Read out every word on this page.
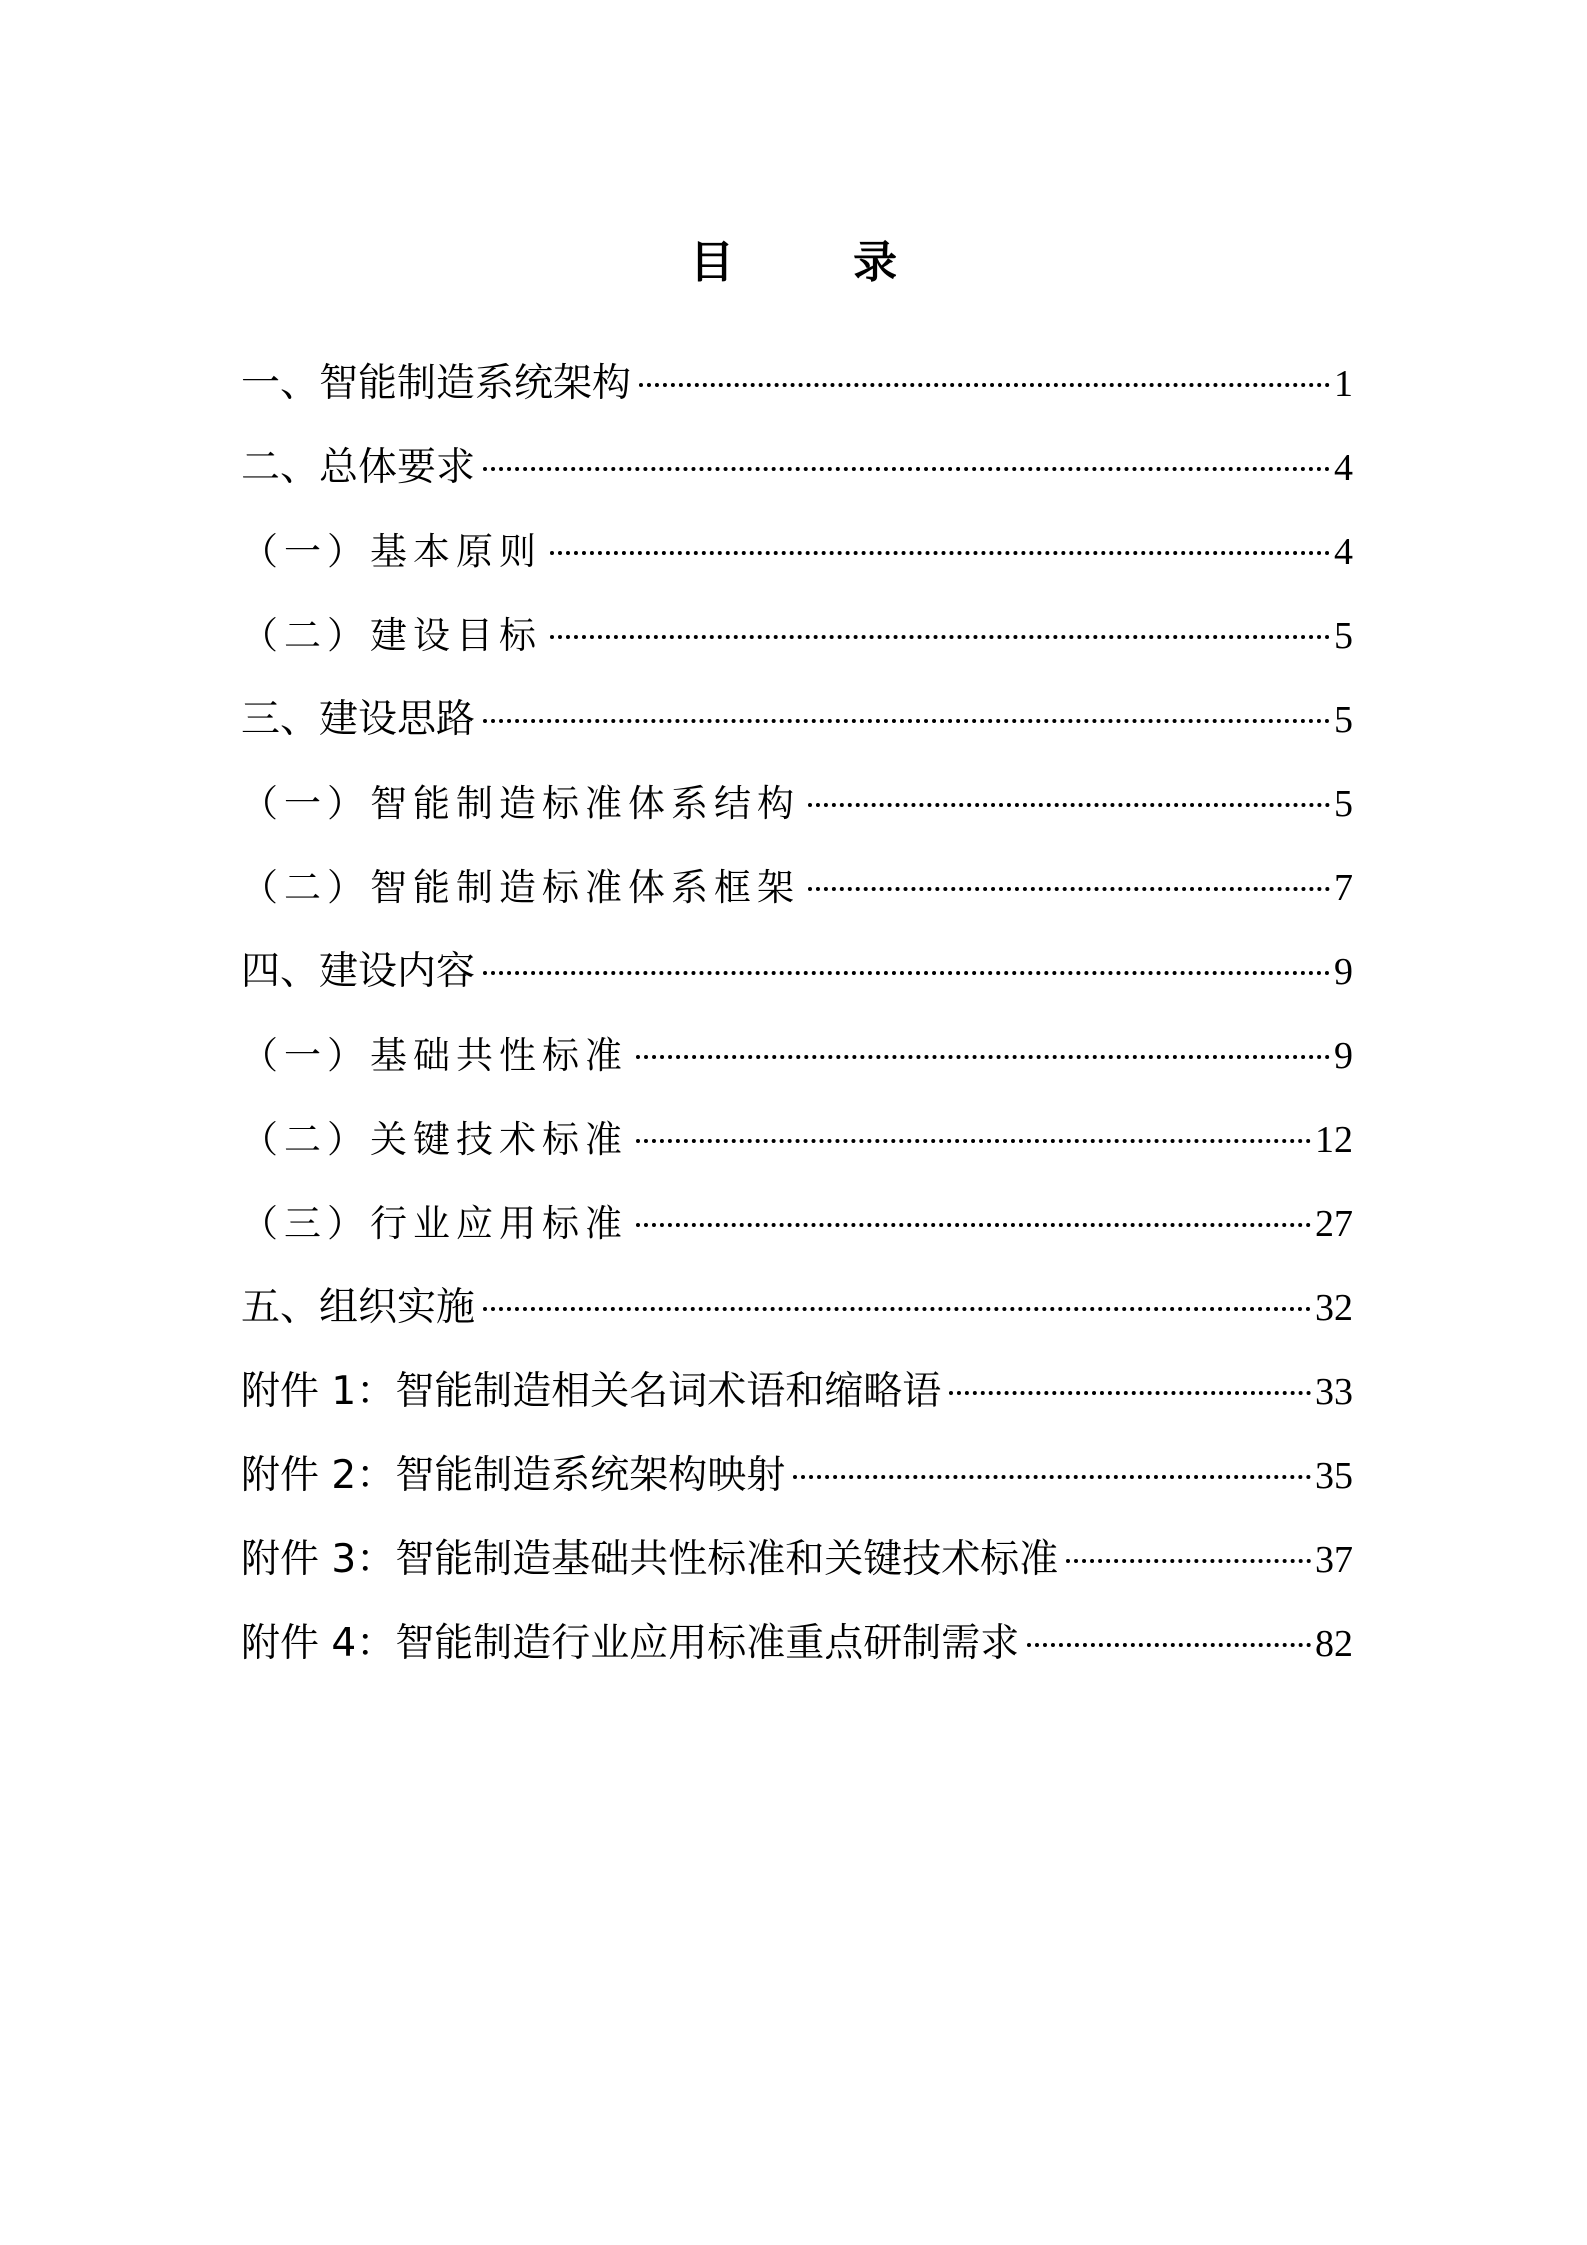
目 录
一、智能制造系统架构	1
二、总体要求	4
（一）基本原则	4
（二）建设目标	5
三、建设思路	5
（一）智能制造标准体系结构	5
（二）智能制造标准体系框架	7
四、建设内容	9
（一）基础共性标准	9
（二）关键技术标准	12
（三）行业应用标准	27
五、组织实施	32
附件 1：智能制造相关名词术语和缩略语	33
附件 2：智能制造系统架构映射	35
附件 3：智能制造基础共性标准和关键技术标准	37
附件 4：智能制造行业应用标准重点研制需求	82
